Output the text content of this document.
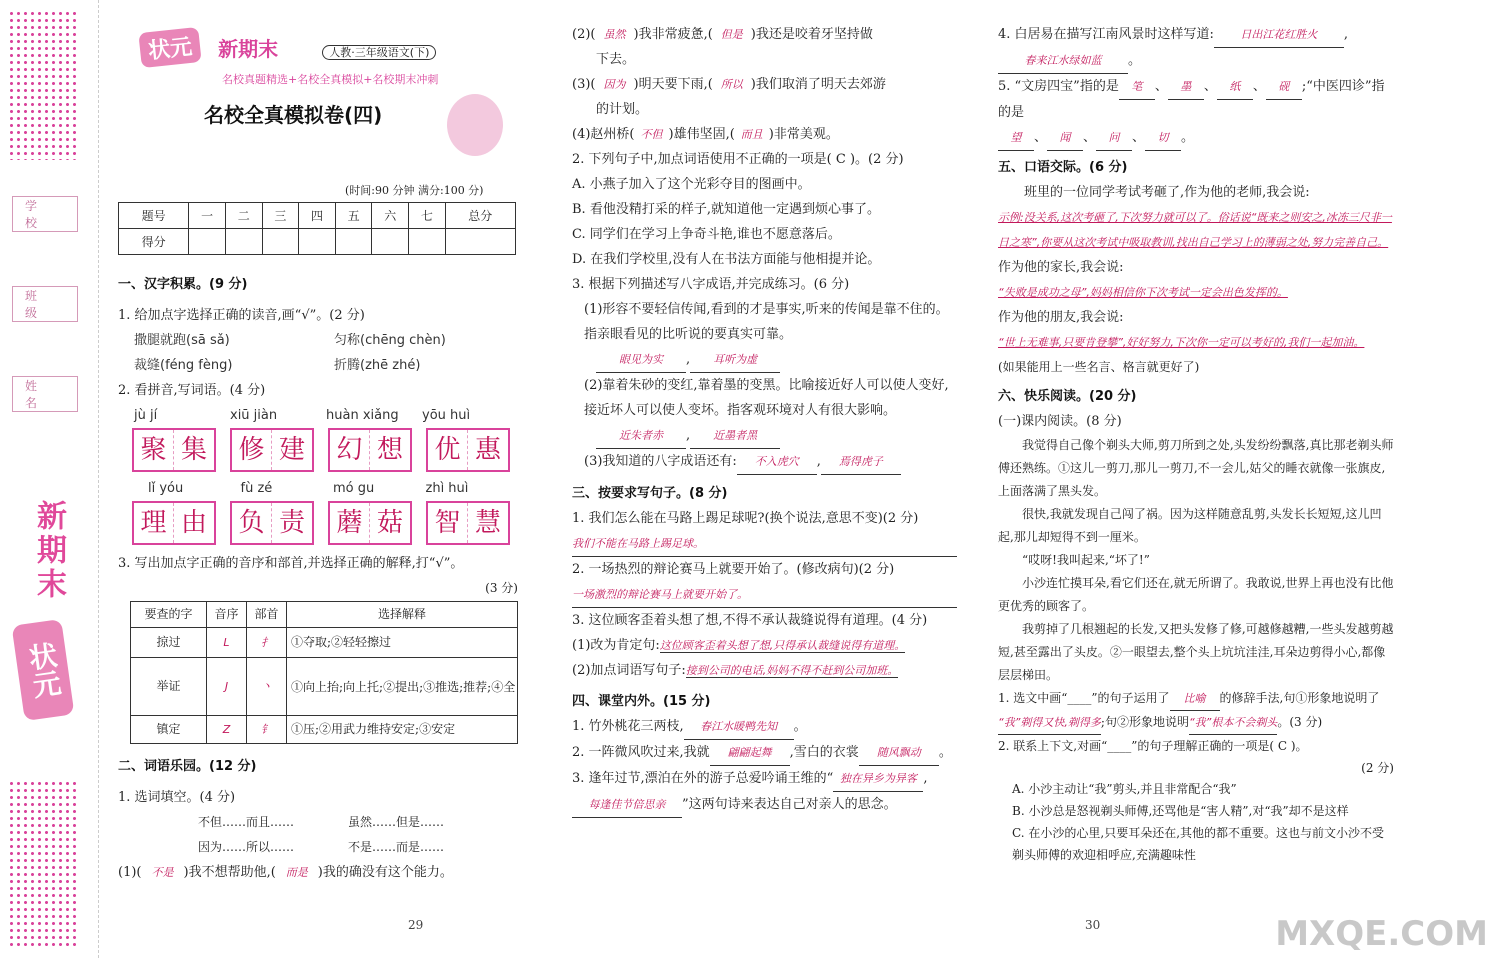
学 校
班 级
姓 名
新期末
状元
状元 新期末	人教·三年级语文(下)
名校真题精选+名校全真模拟+名校期末冲刺
名校全真模拟卷(四)
(时间:90 分钟 满分:100 分)
题号	一	二	三	四	五	六	七	总分
得分								
一、汉字积累。(9 分)
1. 给加点字选择正确的读音,画“√”。(2 分)
撒腿就跑(sā sǎ)	匀称(chēng chèn)
裁缝(féng fèng)	折腾(zhē zhé)
2. 看拼音,写词语。(4 分)
jù jí	xiū jiàn	huàn xiǎng	yōu huì
聚 集 修 建 幻 想 优 惠
lǐ yóu	fù zé	mó gu	zhì huì
理 由 负 责 蘑 菇 智 慧
3. 写出加点字正确的音序和部首,并选择正确的解释,打“√”。
(3 分)
要查的字	音序	部首	选择解释
掠过	L	扌	①夺取;②轻轻擦过
举证	J	丶	①向上抬;向上托;②提出;③推选;推荐;④全
镇定	Z	钅	①压;②用武力维持安定;③安定
二、词语乐园。(12 分)
1. 选词填空。(4 分)
不但……而且……	虽然……但是……
因为……所以……	不是……而是……
(1)( 不是 )我不想帮助他,( 而是 )我的确没有这个能力。
29
(2)( 虽然 )我非常疲惫,( 但是 )我还是咬着牙坚持做
下去。
(3)( 因为 )明天要下雨,( 所以 )我们取消了明天去郊游
的计划。
(4)赵州桥( 不但 )雄伟坚固,( 而且 )非常美观。
2. 下列句子中,加点词语使用不正确的一项是( C )。(2 分)
A. 小燕子加入了这个光彩夺目的图画中。
B. 看他没精打采的样子,就知道他一定遇到烦心事了。
C. 同学们在学习上争奇斗艳,谁也不愿意落后。
D. 在我们学校里,没有人在书法方面能与他相提并论。
3. 根据下列描述写八字成语,并完成练习。(6 分)
(1)形容不要轻信传闻,看到的才是事实,听来的传闻是靠不住的。指亲眼看见的比听说的要真实可靠。
眼见为实 , 耳听为虚
(2)靠着朱砂的变红,靠着墨的变黑。比喻接近好人可以使人变好,接近坏人可以使人变坏。指客观环境对人有很大影响。
近朱者赤 , 近墨者黑
(3)我知道的八字成语还有: 不入虎穴 , 焉得虎子
三、按要求写句子。(8 分)
1. 我们怎么能在马路上踢足球呢?(换个说法,意思不变)(2 分)
我们不能在马路上踢足球。
2. 一场热烈的辩论赛马上就要开始了。(修改病句)(2 分)
一场激烈的辩论赛马上就要开始了。
3. 这位顾客歪着头想了想,不得不承认裁缝说得有道理。(4 分)
(1)改为肯定句:这位顾客歪着头想了想,只得承认裁缝说得有道理。
(2)加点词语写句子:接到公司的电话,妈妈不得不赶到公司加班。
四、课堂内外。(15 分)
1. 竹外桃花三两枝, 春江水暖鸭先知 。
2. 一阵微风吹过来,我就 翩翩起舞 ,雪白的衣裳 随风飘动 。
3. 逢年过节,漂泊在外的游子总爱吟诵王维的“ 独在异乡为异客 ,每逢佳节倍思亲 ”这两句诗来表达自己对亲人的思念。
30
4. 白居易在描写江南风景时这样写道: 日出江花红胜火 ,
春来江水绿如蓝 。
5. “文房四宝”指的是 笔 、 墨 、 纸 、 砚 ;“中医四诊”指的是
望 、 闻 、 问 、 切 。
五、口语交际。(6 分)
班里的一位同学考试考砸了,作为他的老师,我会说:
示例:没关系,这次考砸了,下次努力就可以了。俗话说“既来之则安之,冰冻三尺非一日之寒”,你要从这次考试中吸取教训,找出自己学习上的薄弱之处,努力完善自己。
作为他的家长,我会说:
“失败是成功之母”,妈妈相信你下次考试一定会出色发挥的。
作为他的朋友,我会说:
“世上无难事,只要肯登攀”,好好努力,下次你一定可以考好的,我们一起加油。
(如果能用上一些名言、格言就更好了)
六、快乐阅读。(20 分)
(一)课内阅读。(8 分)
我觉得自己像个剃头大师,剪刀所到之处,头发纷纷飘落,真比那老剃头师傅还熟练。①这儿一剪刀,那儿一剪刀,不一会儿,姑父的睡衣就像一张旗皮,上面落满了黑头发。
很快,我就发现自己闯了祸。因为这样随意乱剪,头发长长短短,这儿凹起,那儿却短得不到一厘米。
“哎呀!我叫起来,“坏了!”
小沙连忙摸耳朵,看它们还在,就无所谓了。我敢说,世界上再也没有比他更优秀的顾客了。
我剪掉了几根翘起的长发,又把头发修了修,可越修越糟,一些头发越剪越短,甚至露出了头皮。②一眼望去,整个头上坑坑洼洼,耳朵边剪得小心,都像层层梯田。
1. 选文中画“____”的句子运用了 比喻 的修辞手法,句①形象地说明了“我”剃得又快,剃得多;句②形象地说明“我”根本不会剃头。(3 分)
2. 联系上下文,对画“____”的句子理解正确的一项是( C )。
(2 分)
A. 小沙主动让“我”剪头,并且非常配合“我”
B. 小沙总是怒视剃头师傅,还骂他是“害人精”,对“我”却不是这样
C. 在小沙的心里,只要耳朵还在,其他的都不重要。这也与前文小沙不受剃头师傅的欢迎相呼应,充满趣味性
MXQE.COM
